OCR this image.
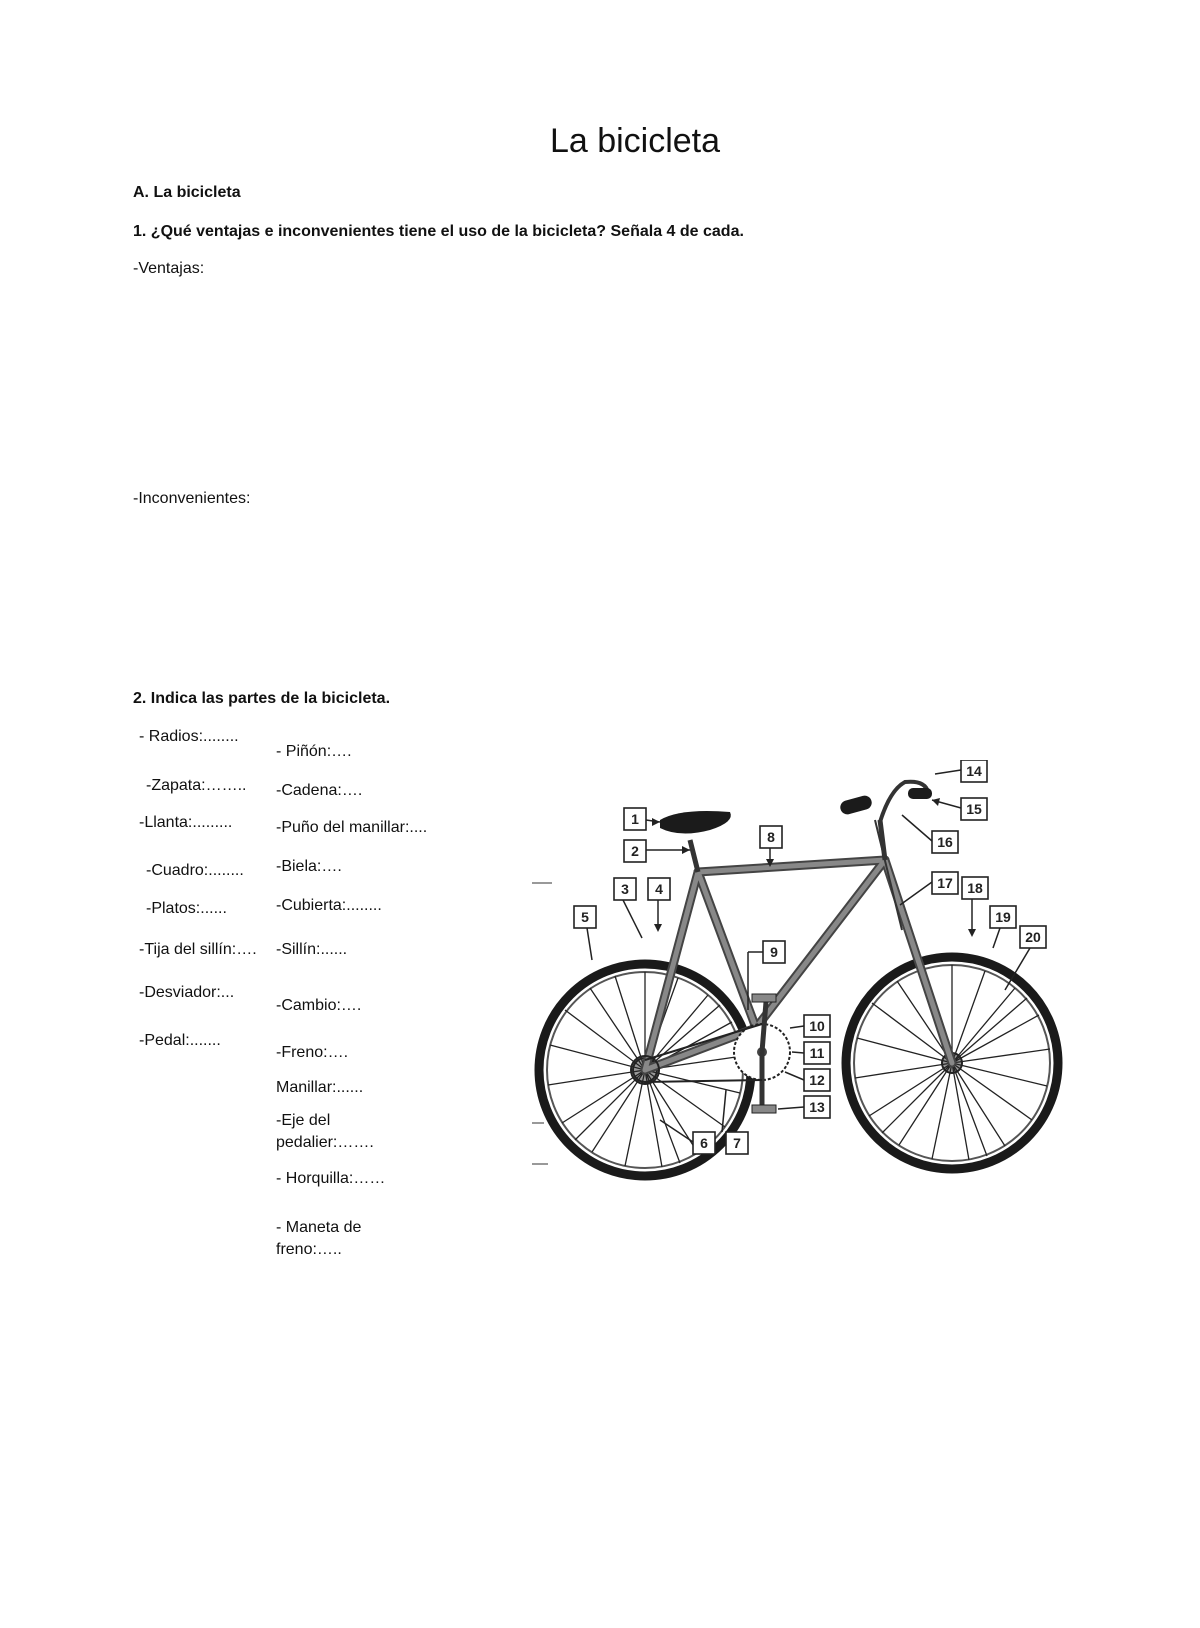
La bicicleta
A. La bicicleta
1. ¿Qué ventajas e inconvenientes tiene el uso de la bicicleta? Señala 4 de cada.
-Ventajas:
-Inconvenientes:
2. Indica las partes de la bicicleta.
- Radios:........
-Zapata:……..
-Llanta:.........
-Cuadro:........
-Platos:......
-Tija del sillín:….
-Desviador:...
-Pedal:.......
- Piñón:….
-Cadena:….
-Puño del manillar:....
-Biela:….
-Cubierta:........
-Sillín:......
-Cambio:….
-Freno:….
Manillar:......
-Eje del pedalier:…….
- Horquilla:……
- Maneta de freno:…..
1
2
3 4
5
6 7
8
9
10
11
12
13
14
15
16
17 18
19
20
